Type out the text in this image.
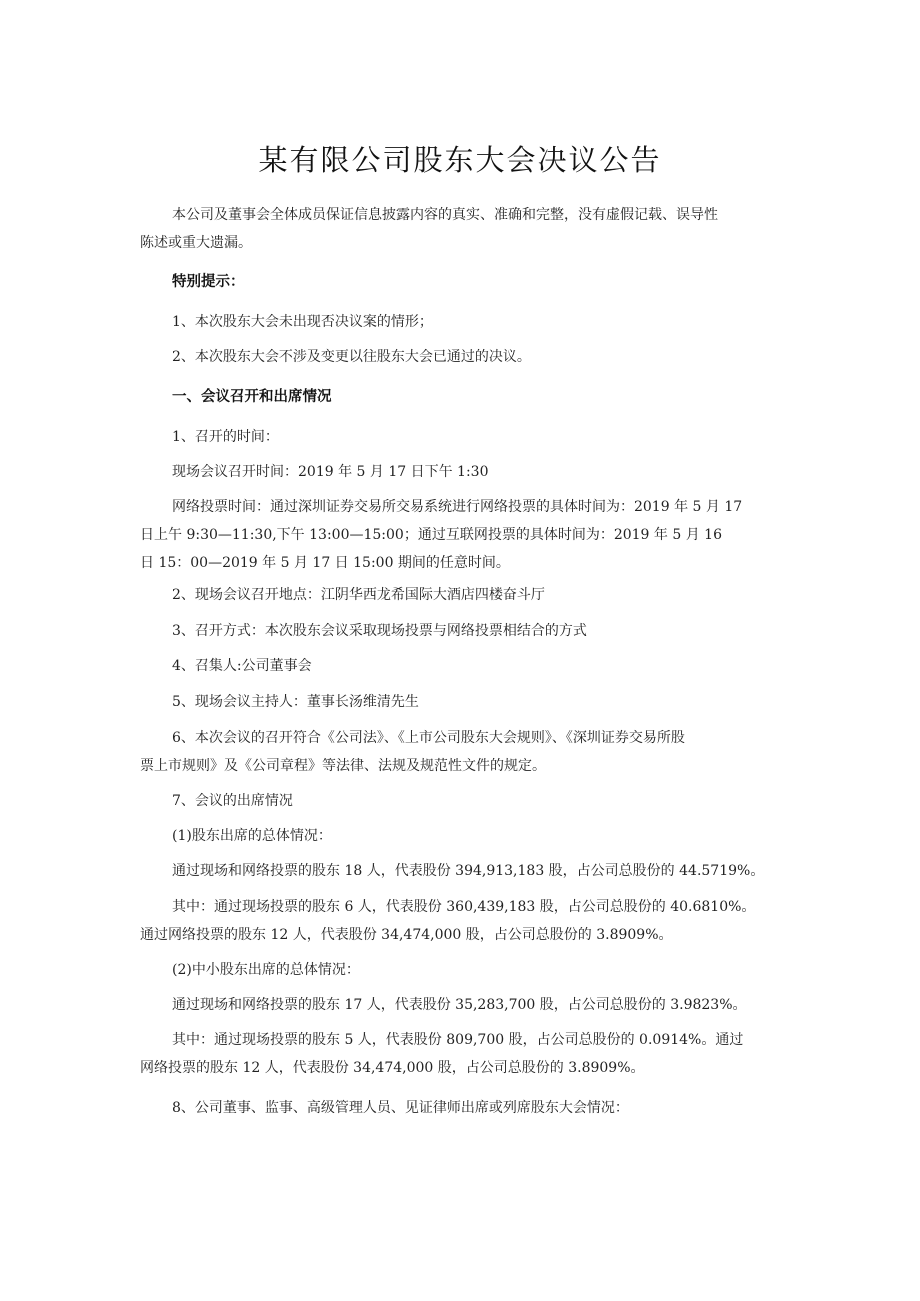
某有限公司股东大会决议公告
本公司及董事会全体成员保证信息披露内容的真实、准确和完整，没有虚假记载、误导性
陈述或重大遗漏。
特别提示：
1、本次股东大会未出现否决议案的情形；
2、本次股东大会不涉及变更以往股东大会已通过的决议。
一、会议召开和出席情况
1、召开的时间：
现场会议召开时间：2019 年 5 月 17 日下午 1:30
网络投票时间：通过深圳证券交易所交易系统进行网络投票的具体时间为：2019 年 5 月 17
日上午 9:30—11:30,下午 13:00—15:00；通过互联网投票的具体时间为：2019 年 5 月 16
日 15：00—2019 年 5 月 17 日 15:00 期间的任意时间。
2、现场会议召开地点：江阴华西龙希国际大酒店四楼奋斗厅
3、召开方式：本次股东会议采取现场投票与网络投票相结合的方式
4、召集人:公司董事会
5、现场会议主持人：董事长汤维清先生
6、本次会议的召开符合《公司法》、《上市公司股东大会规则》、《深圳证券交易所股
票上市规则》及《公司章程》等法律、法规及规范性文件的规定。
7、会议的出席情况
(1)股东出席的总体情况：
通过现场和网络投票的股东 18 人，代表股份 394,913,183 股，占公司总股份的 44.5719%。
其中：通过现场投票的股东 6 人，代表股份 360,439,183 股，占公司总股份的 40.6810%。
通过网络投票的股东 12 人，代表股份 34,474,000 股，占公司总股份的 3.8909%。
(2)中小股东出席的总体情况：
通过现场和网络投票的股东 17 人，代表股份 35,283,700 股，占公司总股份的 3.9823%。
其中：通过现场投票的股东 5 人，代表股份 809,700 股，占公司总股份的 0.0914%。通过
网络投票的股东 12 人，代表股份 34,474,000 股，占公司总股份的 3.8909%。
8、公司董事、监事、高级管理人员、见证律师出席或列席股东大会情况：
